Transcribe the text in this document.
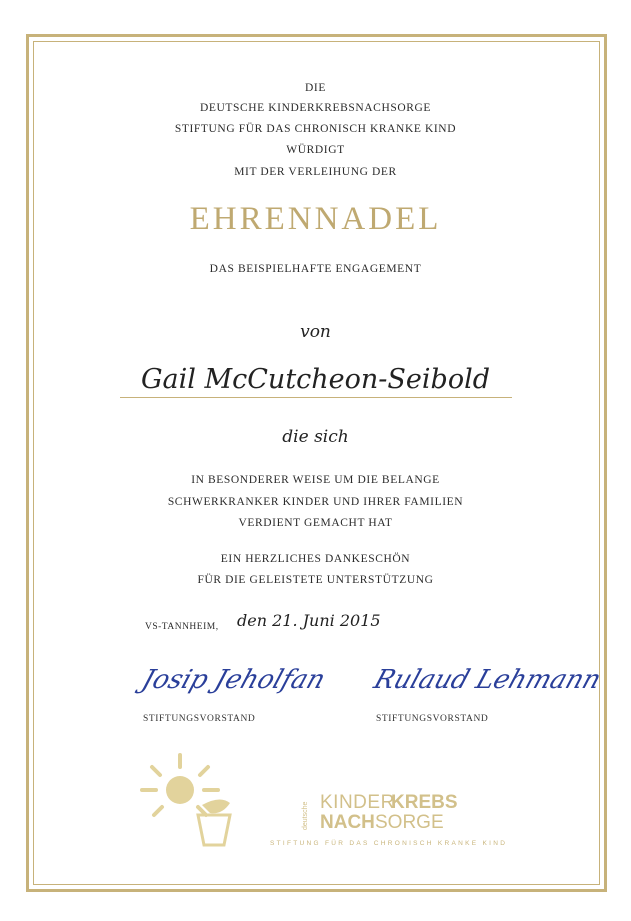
DIE
DEUTSCHE KINDERKREBSNACHSORGE
STIFTUNG FÜR DAS CHRONISCH KRANKE KIND
WÜRDIGT
MIT DER VERLEIHUNG DER
EHRENNADEL
DAS BEISPIELHAFTE ENGAGEMENT
von
Gail McCutcheon-Seibold
die sich
IN BESONDERER WEISE UM DIE BELANGE
SCHWERKRANKER KINDER UND IHRER FAMILIEN
VERDIENT GEMACHT HAT
EIN HERZLICHES DANKESCHÖN
FÜR DIE GELEISTETE UNTERSTÜTZUNG
VS-TANNHEIM, den 21. Juni 2015
Josip Jeholfan
STIFTUNGSVORSTAND
Rulaud Lehmann
STIFTUNGSVORSTAND
deutsche KINDER
KREBS
NACH SORGE
STIFTUNG FÜR DAS CHRONISCH KRANKE KIND
